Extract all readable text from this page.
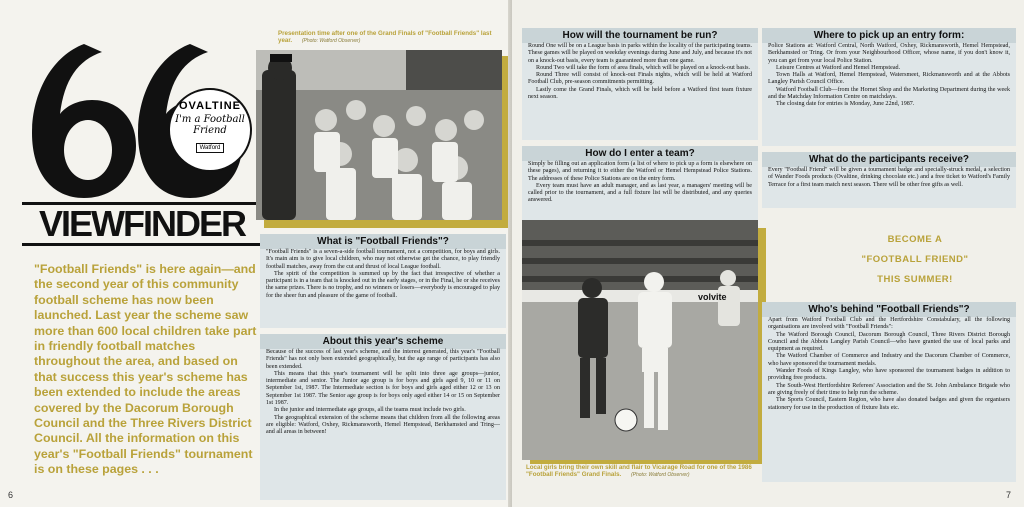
OVALTINE
I'm a Football Friend
Watford
VIEWFINDER

"Football Friends" is here again—and the second year of this community football scheme has now been launched. Last year the scheme saw more than 600 local children take part in friendly football matches throughout the area, and based on that success this year's scheme has been extended to include the areas covered by the Dacorum Borough Council and the Three Rivers District Council. All the information on this year's "Football Friends" tournament is on these pages . . .

Presentation time after one of the Grand Finals of "Football Friends" last year. (Photo: Watford Observer)

What is "Football Friends"?

"Football Friends" is a seven-a-side football tournament, not a competition, for boys and girls. It's main aim is to give local children, who may not otherwise get the chance, to play friendly football matches, away from the cut and thrust of local League football.

The spirit of the competition is summed up by the fact that irrespective of whether a participant is in a team that is knocked out in the early stages, or in the Final, he or she receives the same prizes. There is no trophy, and no winners or losers—everybody is encouraged to play for the sheer fun and pleasure of the game of football.

About this year's scheme

Because of the success of last year's scheme, and the interest generated, this year's "Football Friends" has not only been extended geographically, but the age range of participants has also been extended.

This means that this year's tournament will be split into three age groups—junior, intermediate and senior. The Junior age group is for boys and girls aged 9, 10 or 11 on September 1st, 1987. The Intermediate section is for boys and girls aged either 12 or 13 on September 1st 1987. The Senior age group is for boys only aged either 14 or 15 on September 1st 1987.

In the junior and intermediate age groups, all the teams must include two girls.

The geographical extension of the scheme means that children from all the following areas are eligible: Watford, Oxhey, Rickmansworth, Hemel Hempstead, Berkhamsted and Tring—and all areas in between!

6
How will the tournament be run?

Round One will be on a League basis in parks within the locality of the participating teams. These games will be played on weekday evenings during June and July, and because it's not on a knock-out basis, every team is guaranteed more than one game.

Round Two will take the form of area finals, which will be played on a knock-out basis.

Round Three will consist of knock-out Finals nights, which will be held at Watford Football Club, pre-season commitments permitting.

Lastly come the Grand Finals, which will be held before a Watford first team fixture next season.

How do I enter a team?

Simply be filling out an application form (a list of where to pick up a form is elsewhere on these pages), and returning it to either the Watford or Hemel Hempstead Police Stations. The addresses of these Police Stations are on the entry form.

Every team must have an adult manager, and as last year, a managers' meeting will be called prior to the tournament, and a full fixture list will be distributed, and any queries answered.

Where to pick up an entry form:

Police Stations at: Watford Central, North Watford, Oxhey, Rickmansworth, Hemel Hempstead, Berkhamsted or Tring. Or from your Neighbourhood Officer, whose name, if you don't know it, you can get from your local Police Station.

Leisure Centres at Watford and Hemel Hempstead.

Town Halls at Watford, Hemel Hempstead, Watersmeet, Rickmansworth and at the Abbots Langley Parish Council Office.

Watford Football Club—from the Hornet Shop and the Marketing Department during the week and the Matchday Information Centre on matchdays.

The closing date for entries is Monday, June 22nd, 1987.

What do the participants receive?

Every "Football Friend" will be given a tournament badge and specially-struck medal, a selection of Wander Foods products (Ovaltine, drinking chocolate etc.) and a free ticket to Watford's Family Terrace for a first team match next season. There will be other free gifts as well.

volvite

Local girls bring their own skill and flair to Vicarage Road for one of the 1986 "Football Friends" Grand Finals. (Photo: Watford Observer)

BECOME A
"FOOTBALL FRIEND"
THIS SUMMER!
Who's behind "Football Friends"?

Apart from Watford Football Club and the Hertfordshire Constabulary, all the following organisations are involved with "Football Friends":

The Watford Borough Council, Dacorum Borough Council, Three Rivers District Borough Council and the Abbots Langley Parish Council—who have granted the use of local parks and equipment as required.

The Watford Chamber of Commerce and Industry and the Dacorum Chamber of Commerce, who have sponsored the tournament medals.

Wander Foods of Kings Langley, who have sponsored the tournament badges in addition to providing free products.

The South-West Hertfordshire Referees' Association and the St. John Ambulance Brigade who are giving freely of their time to help run the scheme.

The Sports Council, Eastern Region, who have also donated badges and given the organisers stationery for use in the production of fixture lists etc.

7
